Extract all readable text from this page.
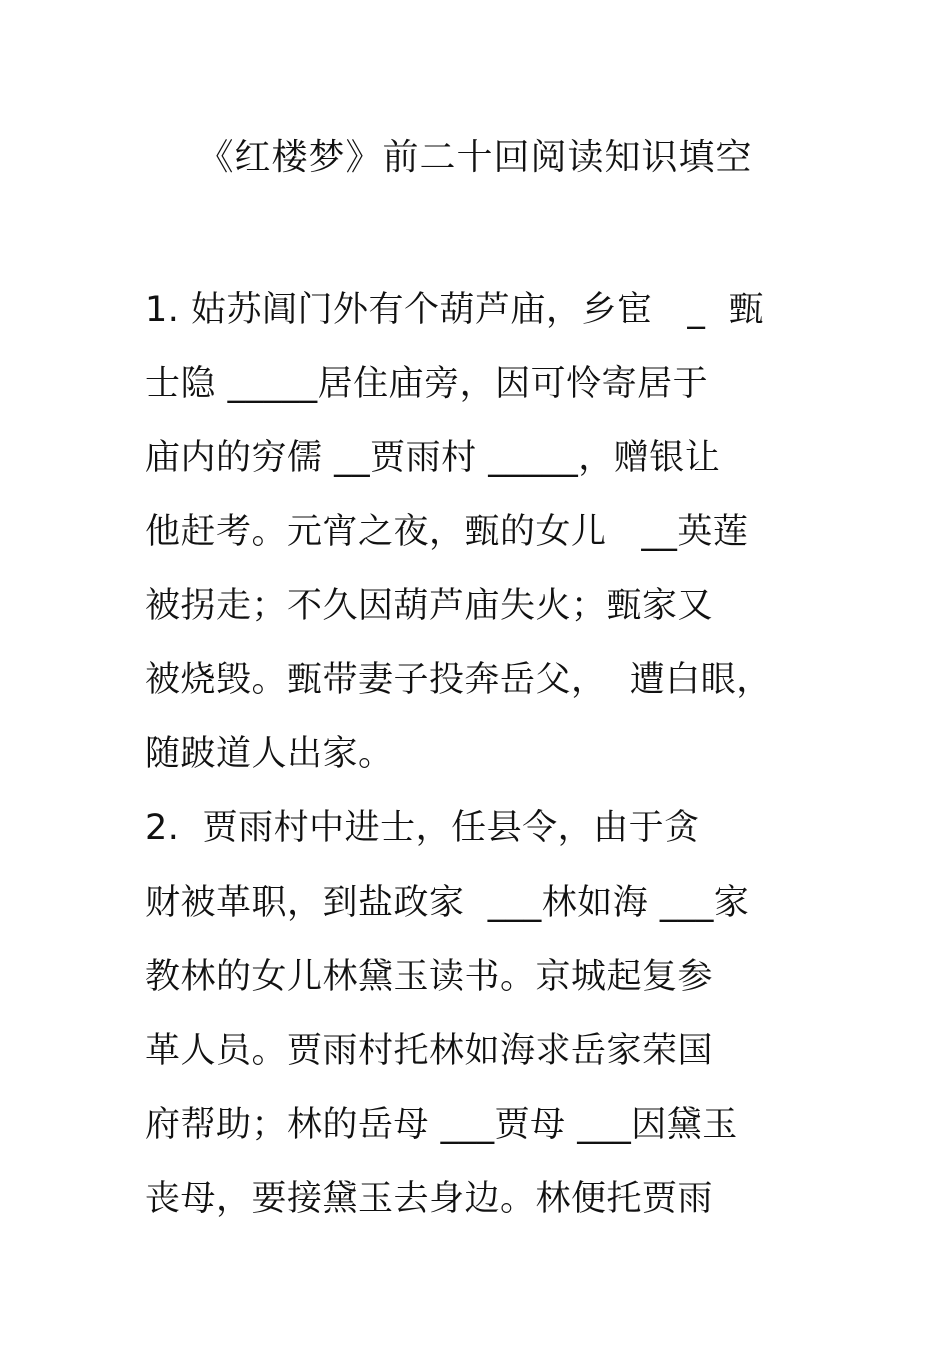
《红楼梦》前二十回阅读知识填空
1. 姑苏阊门外有个葫芦庙，乡宦   _  甄
士隐 _____居住庙旁，因可怜寄居于
庙内的穷儒 __贾雨村 _____，赠银让
他赶考。元宵之夜，甄的女儿   __英莲
被拐走；不久因葫芦庙失火；甄家又
被烧毁。甄带妻子投奔岳父，  遭白眼，
随跛道人出家。
2.  贾雨村中进士，任县令，由于贪
财被革职，到盐政家  ___林如海 ___家
教林的女儿林黛玉读书。京城起复参
革人员。贾雨村托林如海求岳家荣国
府帮助；林的岳母 ___贾母 ___因黛玉
丧母，要接黛玉去身边。林便托贾雨
